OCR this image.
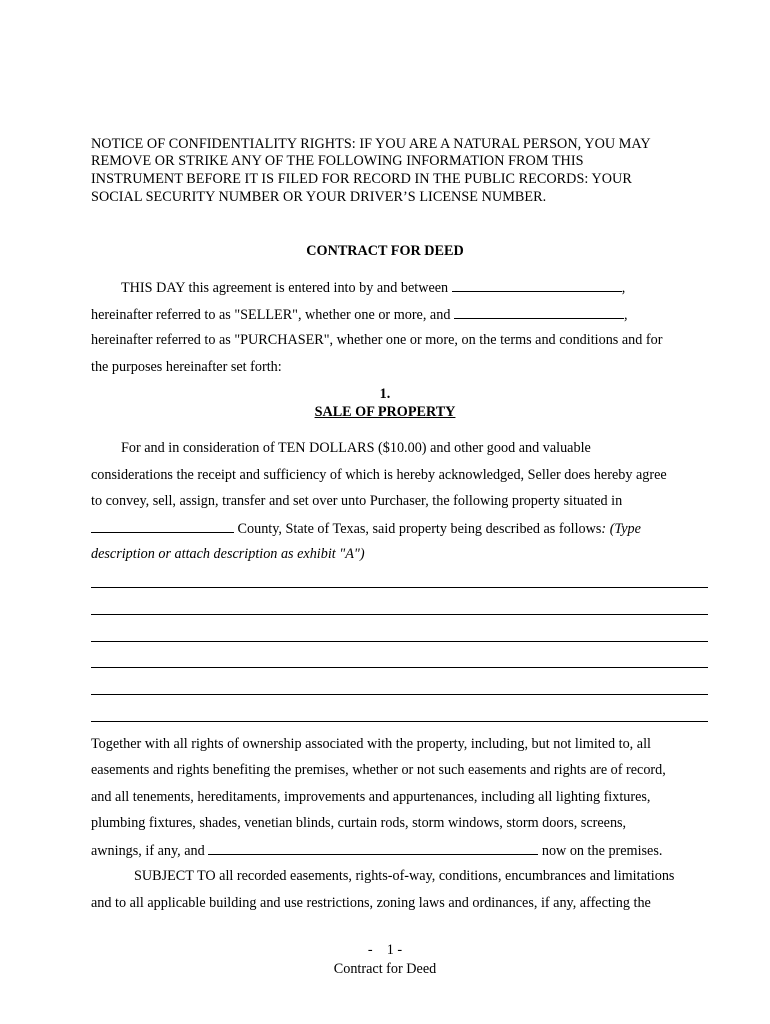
NOTICE OF CONFIDENTIALITY RIGHTS: IF YOU ARE A NATURAL PERSON, YOU MAY
REMOVE OR STRIKE ANY OF THE FOLLOWING INFORMATION FROM THIS
INSTRUMENT BEFORE IT IS FILED FOR RECORD IN THE PUBLIC RECORDS: YOUR
SOCIAL SECURITY NUMBER OR YOUR DRIVER’S LICENSE NUMBER.
CONTRACT FOR DEED
THIS DAY this agreement is entered into by and between	,
hereinafter referred to as "SELLER", whether one or more, and	,
hereinafter referred to as "PURCHASER", whether one or more, on the terms and conditions and for
the purposes hereinafter set forth:
1.
SALE OF PROPERTY
For and in consideration of TEN DOLLARS ($10.00) and other good and valuable
considerations the receipt and sufficiency of which is hereby acknowledged, Seller does hereby agree
to convey, sell, assign, transfer and set over unto Purchaser, the following property situated in
County, State of Texas, said property being described as follows: (Type
description or attach description as exhibit "A")
Together with all rights of ownership associated with the property, including, but not limited to, all
easements and rights benefiting the premises, whether or not such easements and rights are of record,
and all tenements, hereditaments, improvements and appurtenances, including all lighting fixtures,
plumbing fixtures, shades, venetian blinds, curtain rods, storm windows, storm doors, screens,
awnings, if any, and	now on the premises.
SUBJECT TO all recorded easements, rights-of-way, conditions, encumbrances and limitations
and to all applicable building and use restrictions, zoning laws and ordinances, if any, affecting the
-    1 -
Contract for Deed
